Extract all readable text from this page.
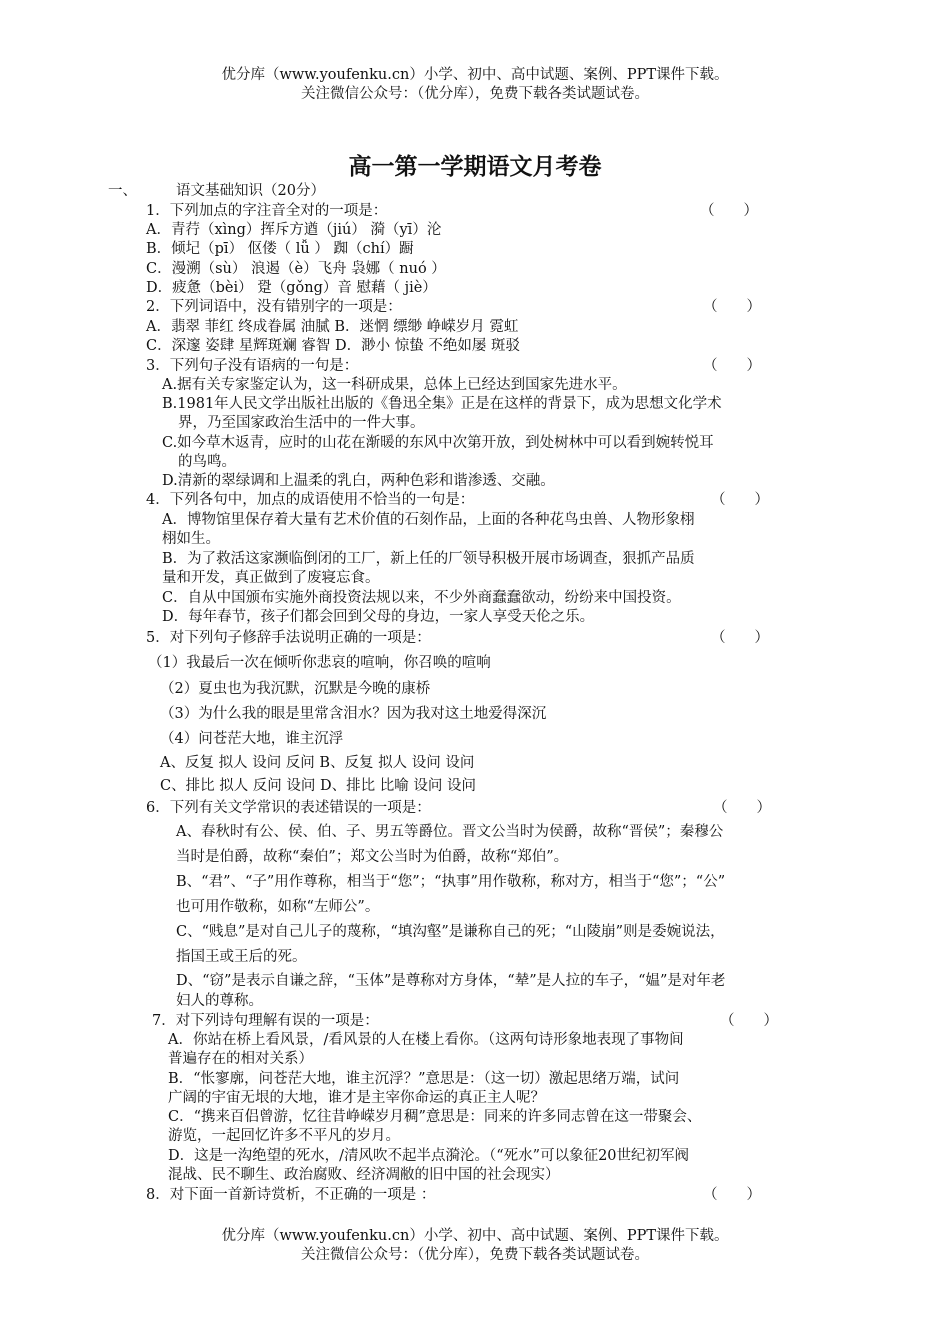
优分库（www.youfenku.cn）小学、初中、高中试题、案例、PPT课件下载。
关注微信公众号：（优分库），免费下载各类试题试卷。
高一第一学期语文月考卷
一、	语文基础知识（20分）
1．下列加点的字注音全对的一项是：	（　　）
A．青荇（xìng）挥斥方遒（jiú） 漪（yī）沦
B．倾圮（pī） 伛偻（ lǚ ） 踟（chí）蹰
C．漫溯（sù） 浪遏（è）飞舟 袅娜（ nuó ）
D．疲惫（bèi） 跫（gǒng）音 慰藉（ jiè）
2．下列词语中，没有错别字的一项是：	（　　）
A．翡翠 菲红 终成眷属 油腻 B．迷惘 缥缈 峥嵘岁月 霓虹
C．深邃 姿肆 星辉斑斓 睿智 D．渺小 惊蛰 不绝如屡 斑驳
3．下列句子没有语病的一句是：	（　　）
A.据有关专家鉴定认为，这一科研成果，总体上已经达到国家先进水平。
B.1981年人民文学出版社出版的《鲁迅全集》正是在这样的背景下，成为思想文化学术
界，乃至国家政治生活中的一件大事。
C.如今草木返青，应时的山花在渐暖的东风中次第开放，到处树林中可以看到婉转悦耳
的鸟鸣。
D.清新的翠绿调和上温柔的乳白，两种色彩和谐渗透、交融。
4．下列各句中，加点的成语使用不恰当的一句是：	（　　）
A．博物馆里保存着大量有艺术价值的石刻作品，上面的各种花鸟虫兽、人物形象栩
栩如生。
B．为了救活这家濒临倒闭的工厂，新上任的厂领导积极开展市场调查，狠抓产品质
量和开发，真正做到了废寝忘食。
C．自从中国颁布实施外商投资法规以来，不少外商蠢蠢欲动，纷纷来中国投资。
D．每年春节，孩子们都会回到父母的身边，一家人享受天伦之乐。
5．对下列句子修辞手法说明正确的一项是：	（　　）
（1）我最后一次在倾听你悲哀的喧响，你召唤的喧响
（2）夏虫也为我沉默，沉默是今晚的康桥
（3）为什么我的眼是里常含泪水？因为我对这土地爱得深沉
（4）问苍茫大地，谁主沉浮
A、反复 拟人 设问 反问 B、反复 拟人 设问 设问
C、排比 拟人 反问 设问 D、排比 比喻 设问 设问
6．下列有关文学常识的表述错误的一项是：	（　　）
A、春秋时有公、侯、伯、子、男五等爵位。晋文公当时为侯爵，故称“晋侯”；秦穆公
当时是伯爵，故称“秦伯”；郑文公当时为伯爵，故称“郑伯”。
B、“君”、“子”用作尊称，相当于“您”；“执事”用作敬称，称对方，相当于“您”；“公”
也可用作敬称，如称“左师公”。
C、“贱息”是对自己儿子的蔑称，“填沟壑”是谦称自己的死；“山陵崩”则是委婉说法，
指国王或王后的死。
D、“窃”是表示自谦之辞，“玉体”是尊称对方身体，“辇”是人拉的车子，“媪”是对年老
妇人的尊称。
7．对下列诗句理解有误的一项是：	（　　）
A．你站在桥上看风景，/看风景的人在楼上看你。（这两句诗形象地表现了事物间
普遍存在的相对关系）
B．“怅寥廓，问苍茫大地，谁主沉浮？”意思是：（这一切）激起思绪万端，试问
广阔的宇宙无垠的大地，谁才是主宰你命运的真正主人呢？
C．“携来百侣曾游，忆往昔峥嵘岁月稠”意思是：同来的许多同志曾在这一带聚会、
游览，一起回忆许多不平凡的岁月。
D．这是一沟绝望的死水，/清风吹不起半点漪沦。（“死水”可以象征20世纪初军阀
混战、民不聊生、政治腐败、经济凋敝的旧中国的社会现实）
8．对下面一首新诗赏析，不正确的一项是 ：	（　　）
优分库（www.youfenku.cn）小学、初中、高中试题、案例、PPT课件下载。
关注微信公众号：（优分库），免费下载各类试题试卷。
